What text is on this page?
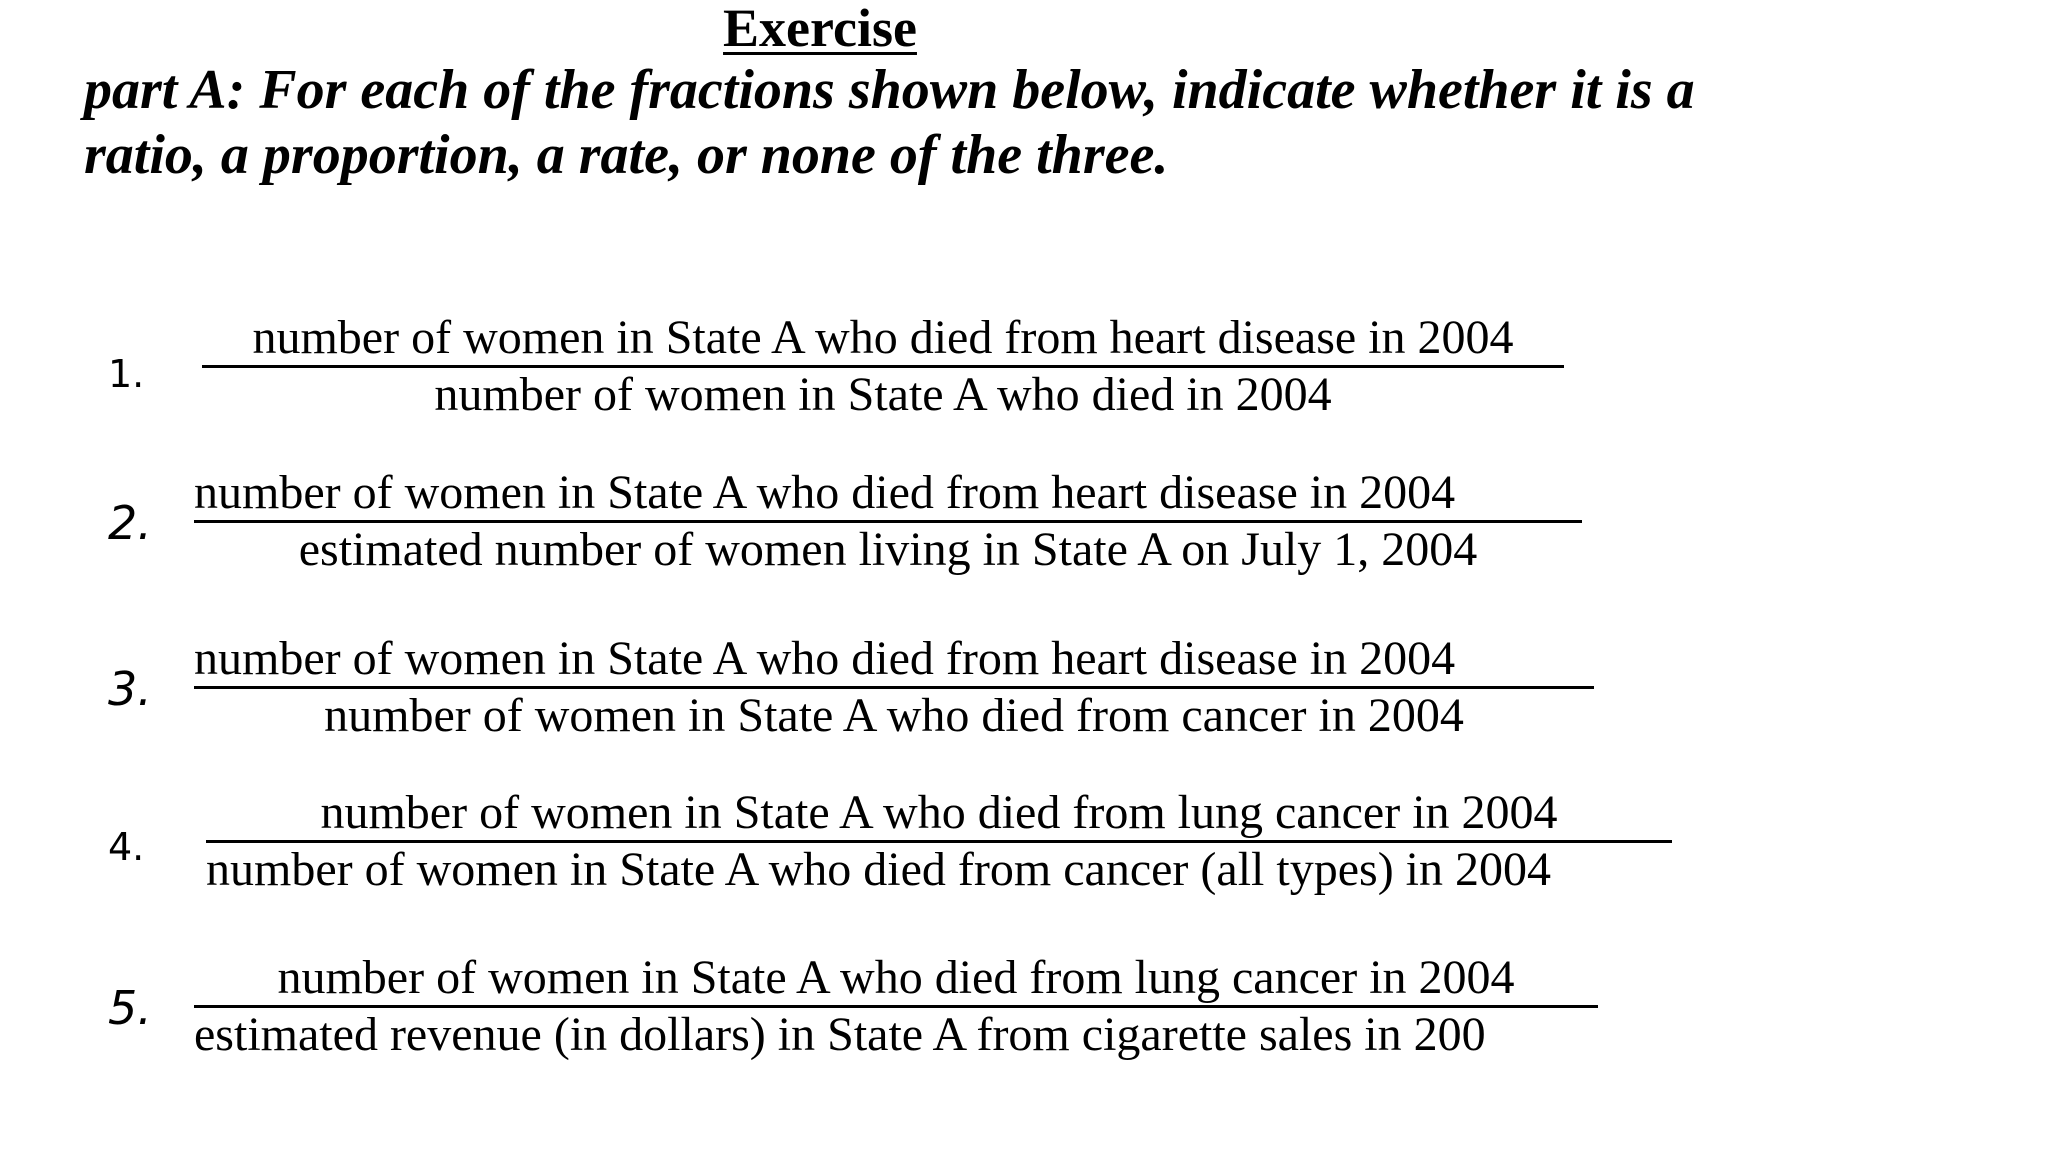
Exercise
part A: For each of the fractions shown below, indicate whether it is a
ratio, a proportion, a rate, or none of the three.
1.
number of women in State A who died from heart disease in 2004
number of women in State A who died in 2004
2.
number of women in State A who died from heart disease in 2004
estimated number of women living in State A on July 1, 2004
3.
number of women in State A who died from heart disease in 2004
number of women in State A who died from cancer in 2004
4.
number of women in State A who died from lung cancer in 2004
number of women in State A who died from cancer (all types) in 2004
5.
number of women in State A who died from lung cancer in 2004
estimated revenue (in dollars) in State A from cigarette sales in 200
